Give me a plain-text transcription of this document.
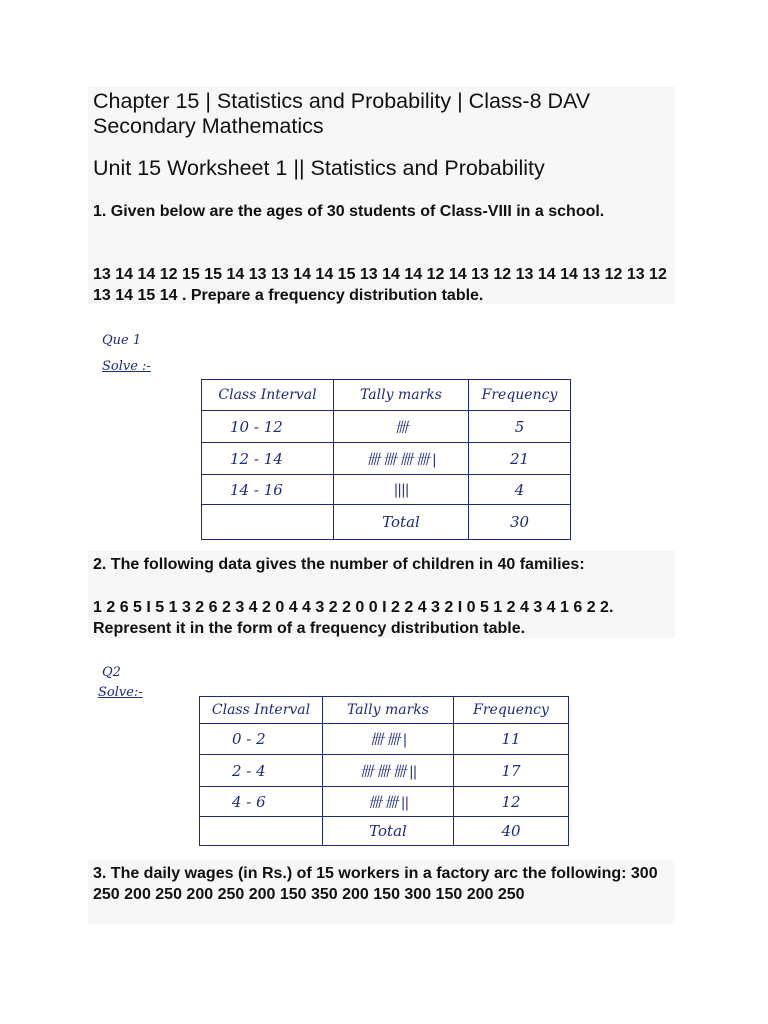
Chapter 15 | Statistics and Probability | Class-8 DAV Secondary Mathematics
Unit 15 Worksheet 1 || Statistics and Probability

1. Given below are the ages of 30 students of Class-VIII in a school.

13 14 14 12 15 15 14 13 13 14 14 15 13 14 14 12 14 13 12 13 14 14 13 12 13 12 13 14 15 14 . Prepare a frequency distribution table.

Que 1
Solve :-
Class Interval	Tally marks	Frequency
10 - 12	卌	5
12 - 14	卌 卌 卌 卌 |	21
14 - 16	||||	4
	Total	30

2. The following data gives the number of children in 40 families:

1 2 6 5 I 5 1 3 2 6 2 3 4 2 0 4 4 3 2 2 0 0 I 2 2 4 3 2 I 0 5 1 2 4 3 4 1 6 2 2. Represent it in the form of a frequency distribution table.

Q2
Solve:-
Class Interval	Tally marks	Frequency
0 - 2	卌 卌 |	11
2 - 4	卌 卌 卌 ||	17
4 - 6	卌 卌 ||	12
	Total	40

3. The daily wages (in Rs.) of 15 workers in a factory arc the following: 300 250 200 250 200 250 200 150 350 200 150 300 150 200 250
